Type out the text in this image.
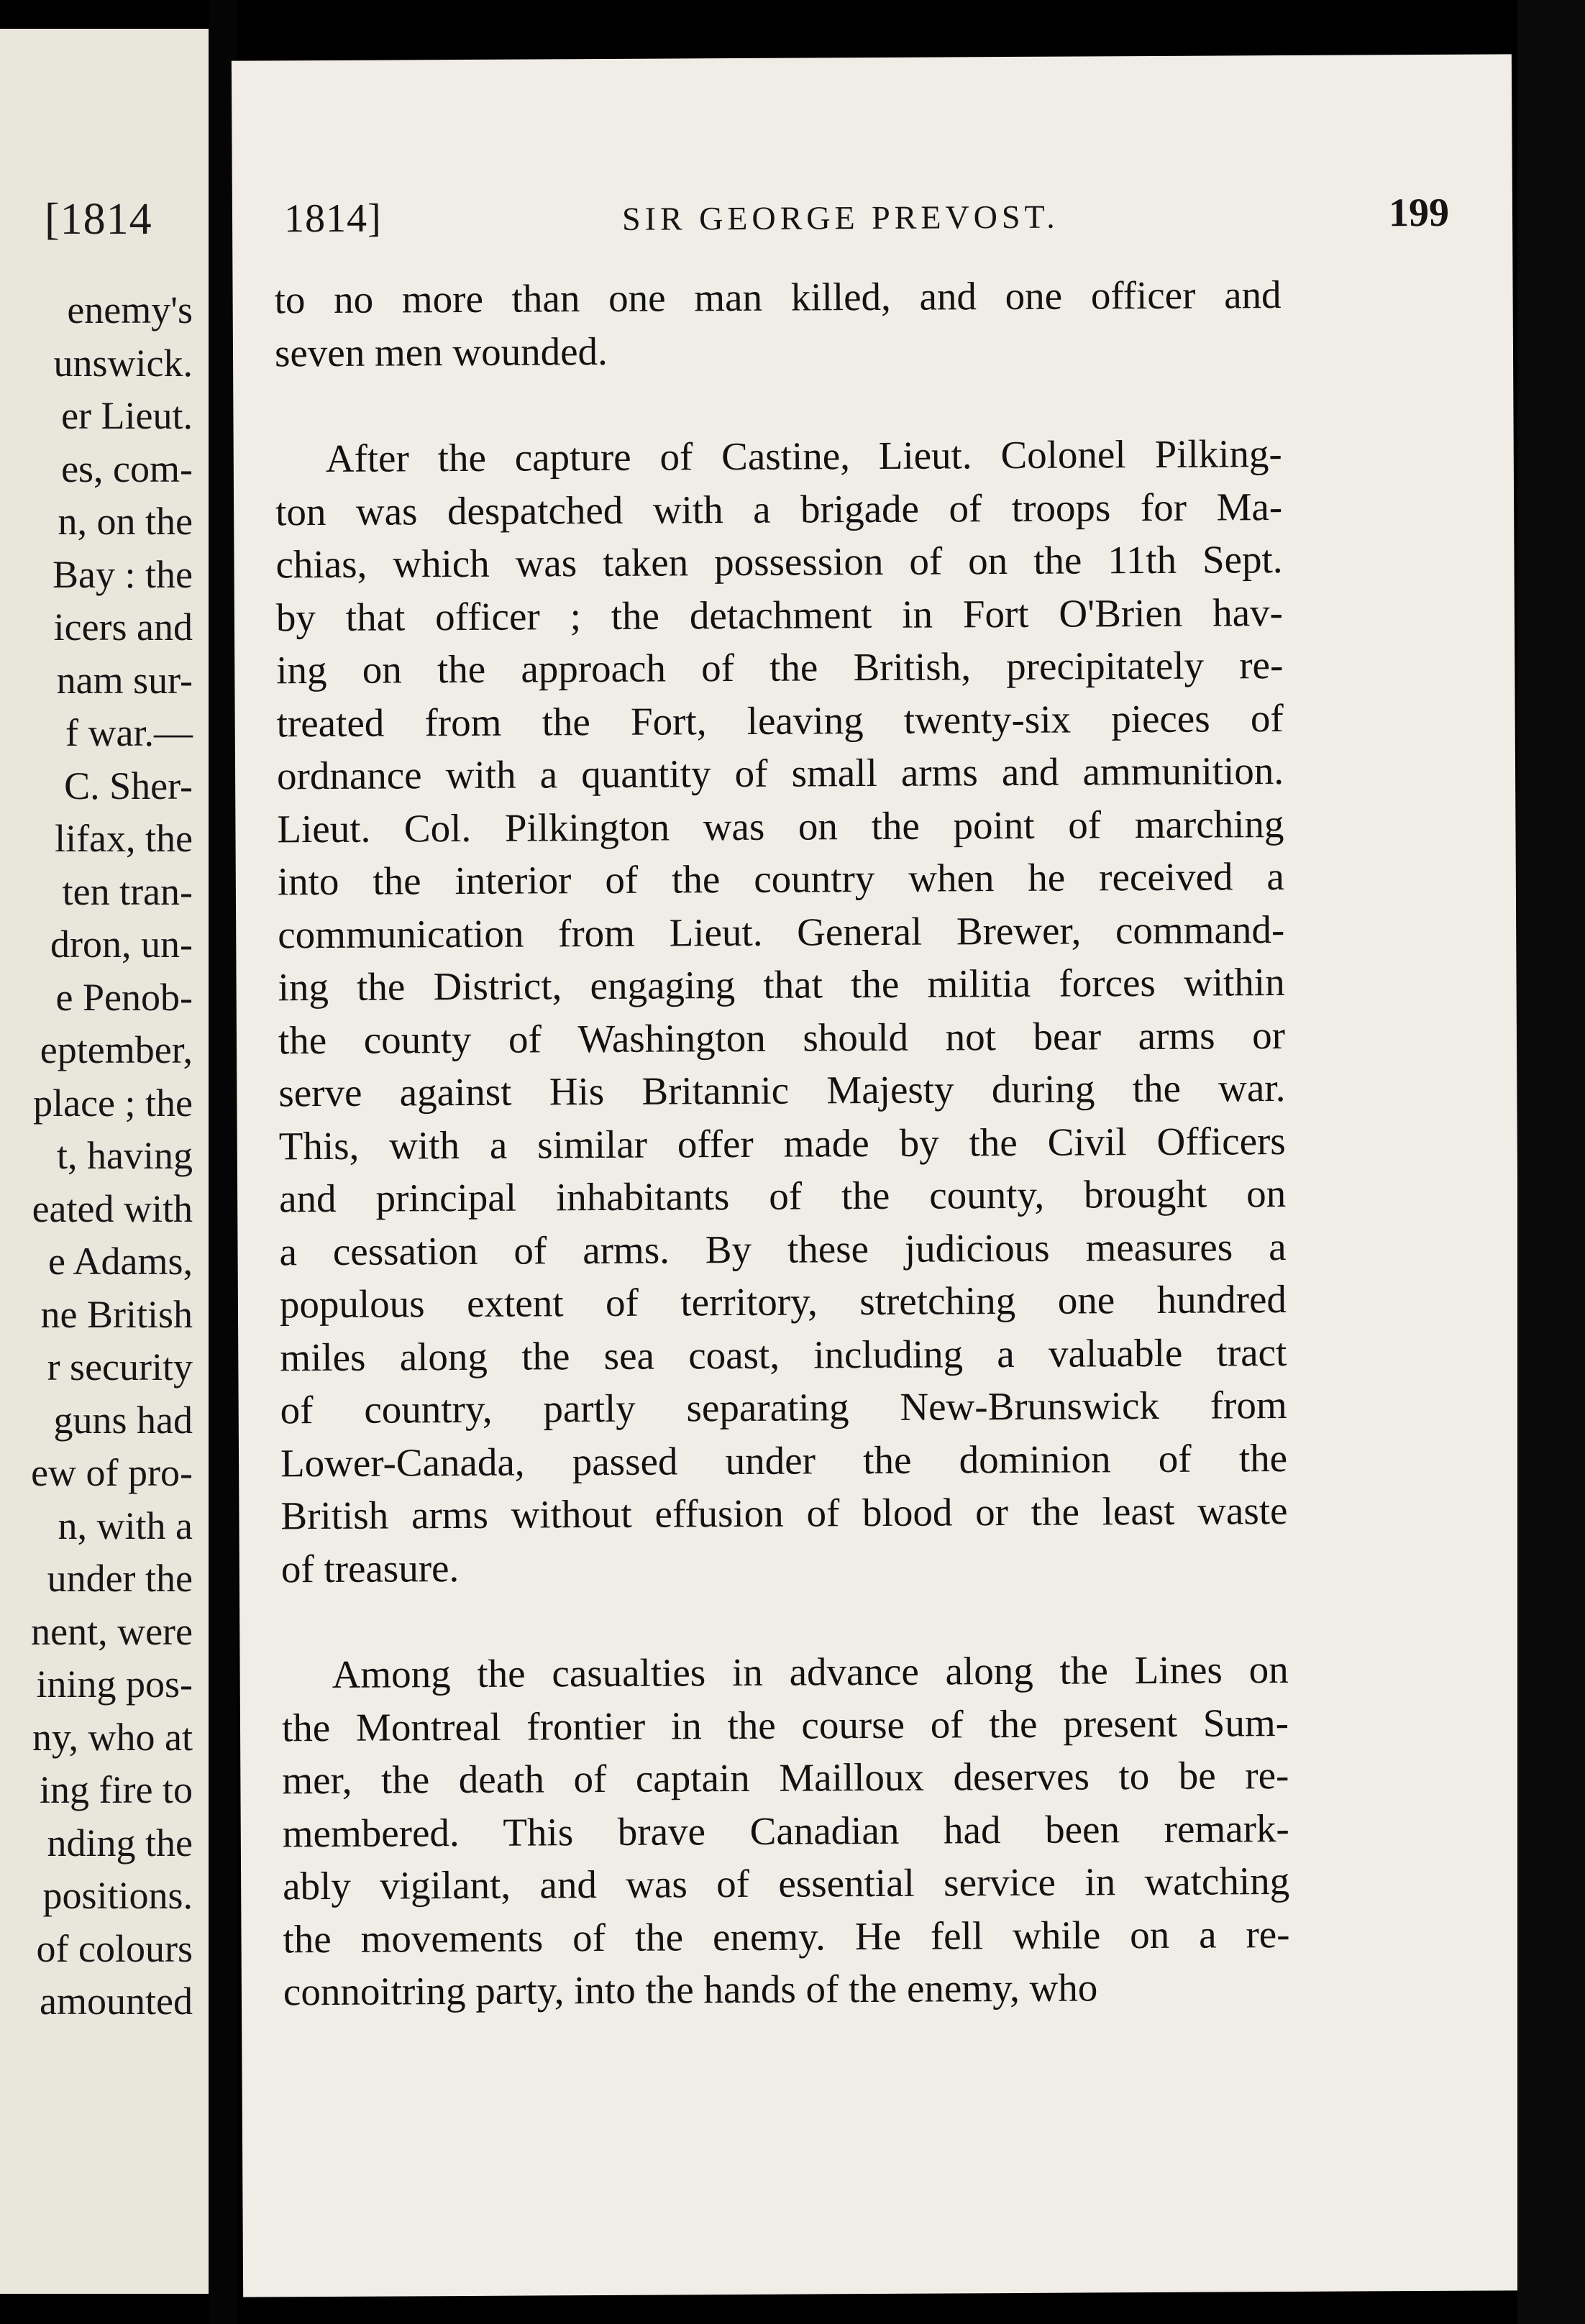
[1814
enemy's
unswick.
er Lieut.
es, com-
n, on the
Bay : the
icers and
nam sur-
f war.—
C. Sher-
lifax, the
ten tran-
dron, un-
e Penob-
eptember,
place ; the
t, having
eated with
e Adams,
ne British
r security
guns had
ew of pro-
n, with a
under the
nent, were
ining pos-
ny, who at
ing fire to
nding the
positions.
of colours
amounted
1814]	SIR GEORGE PREVOST.	199
to no more than one man killed, and one officer and
seven men wounded.
After the capture of Castine, Lieut. Colonel Pilking-
ton was despatched with a brigade of troops for Ma-
chias, which was taken possession of on the 11th Sept.
by that officer ; the detachment in Fort O'Brien hav-
ing on the approach of the British, precipitately re-
treated from the Fort, leaving twenty-six pieces of
ordnance with a quantity of small arms and ammunition.
Lieut. Col. Pilkington was on the point of marching
into the interior of the country when he received a
communication from Lieut. General Brewer, command-
ing the District, engaging that the militia forces within
the county of Washington should not bear arms or
serve against His Britannic Majesty during the war.
This, with a similar offer made by the Civil Officers
and principal inhabitants of the county, brought on
a cessation of arms. By these judicious measures a
populous extent of territory, stretching one hundred
miles along the sea coast, including a valuable tract
of country, partly separating New-Brunswick from
Lower-Canada, passed under the dominion of the
British arms without effusion of blood or the least waste
of treasure.
Among the casualties in advance along the Lines on
the Montreal frontier in the course of the present Sum-
mer, the death of captain Mailloux deserves to be re-
membered. This brave Canadian had been remark-
ably vigilant, and was of essential service in watching
the movements of the enemy. He fell while on a re-
connoitring party, into the hands of the enemy, who
